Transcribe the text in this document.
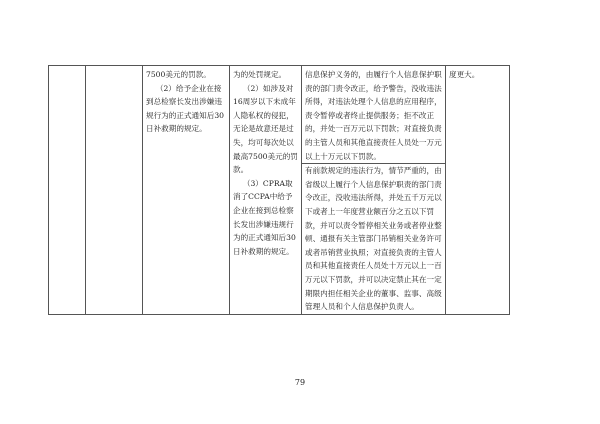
7500美元的罚款。
（2）给予企业在接到总检察长发出涉嫌违规行为的正式通知后30日补救期的规定。

为的处罚规定。
（2）如涉及对16周岁以下未成年人隐私权的侵犯，无论是故意还是过失，均可每次处以最高7500美元的罚款。
（3）CPRA取消了CCPA中给予企业在接到总检察长发出涉嫌违规行为的正式通知后30日补救期的规定。

信息保护义务的，由履行个人信息保护职责的部门责令改正，给予警告，没收违法所得，对违法处理个人信息的应用程序，责令暂停或者终止提供服务；拒不改正的，并处一百万元以下罚款；对直接负责的主管人员和其他直接责任人员处一万元以上十万元以下罚款。
有前款规定的违法行为，情节严重的，由省级以上履行个人信息保护职责的部门责令改正，没收违法所得，并处五千万元以下或者上一年度营业额百分之五以下罚款，并可以责令暂停相关业务或者停业整顿、通报有关主管部门吊销相关业务许可或者吊销营业执照；对直接负责的主管人员和其他直接责任人员处十万元以上一百万元以下罚款，并可以决定禁止其在一定期限内担任相关企业的董事、监事、高级管理人员和个人信息保护负责人。

度更大。
79
